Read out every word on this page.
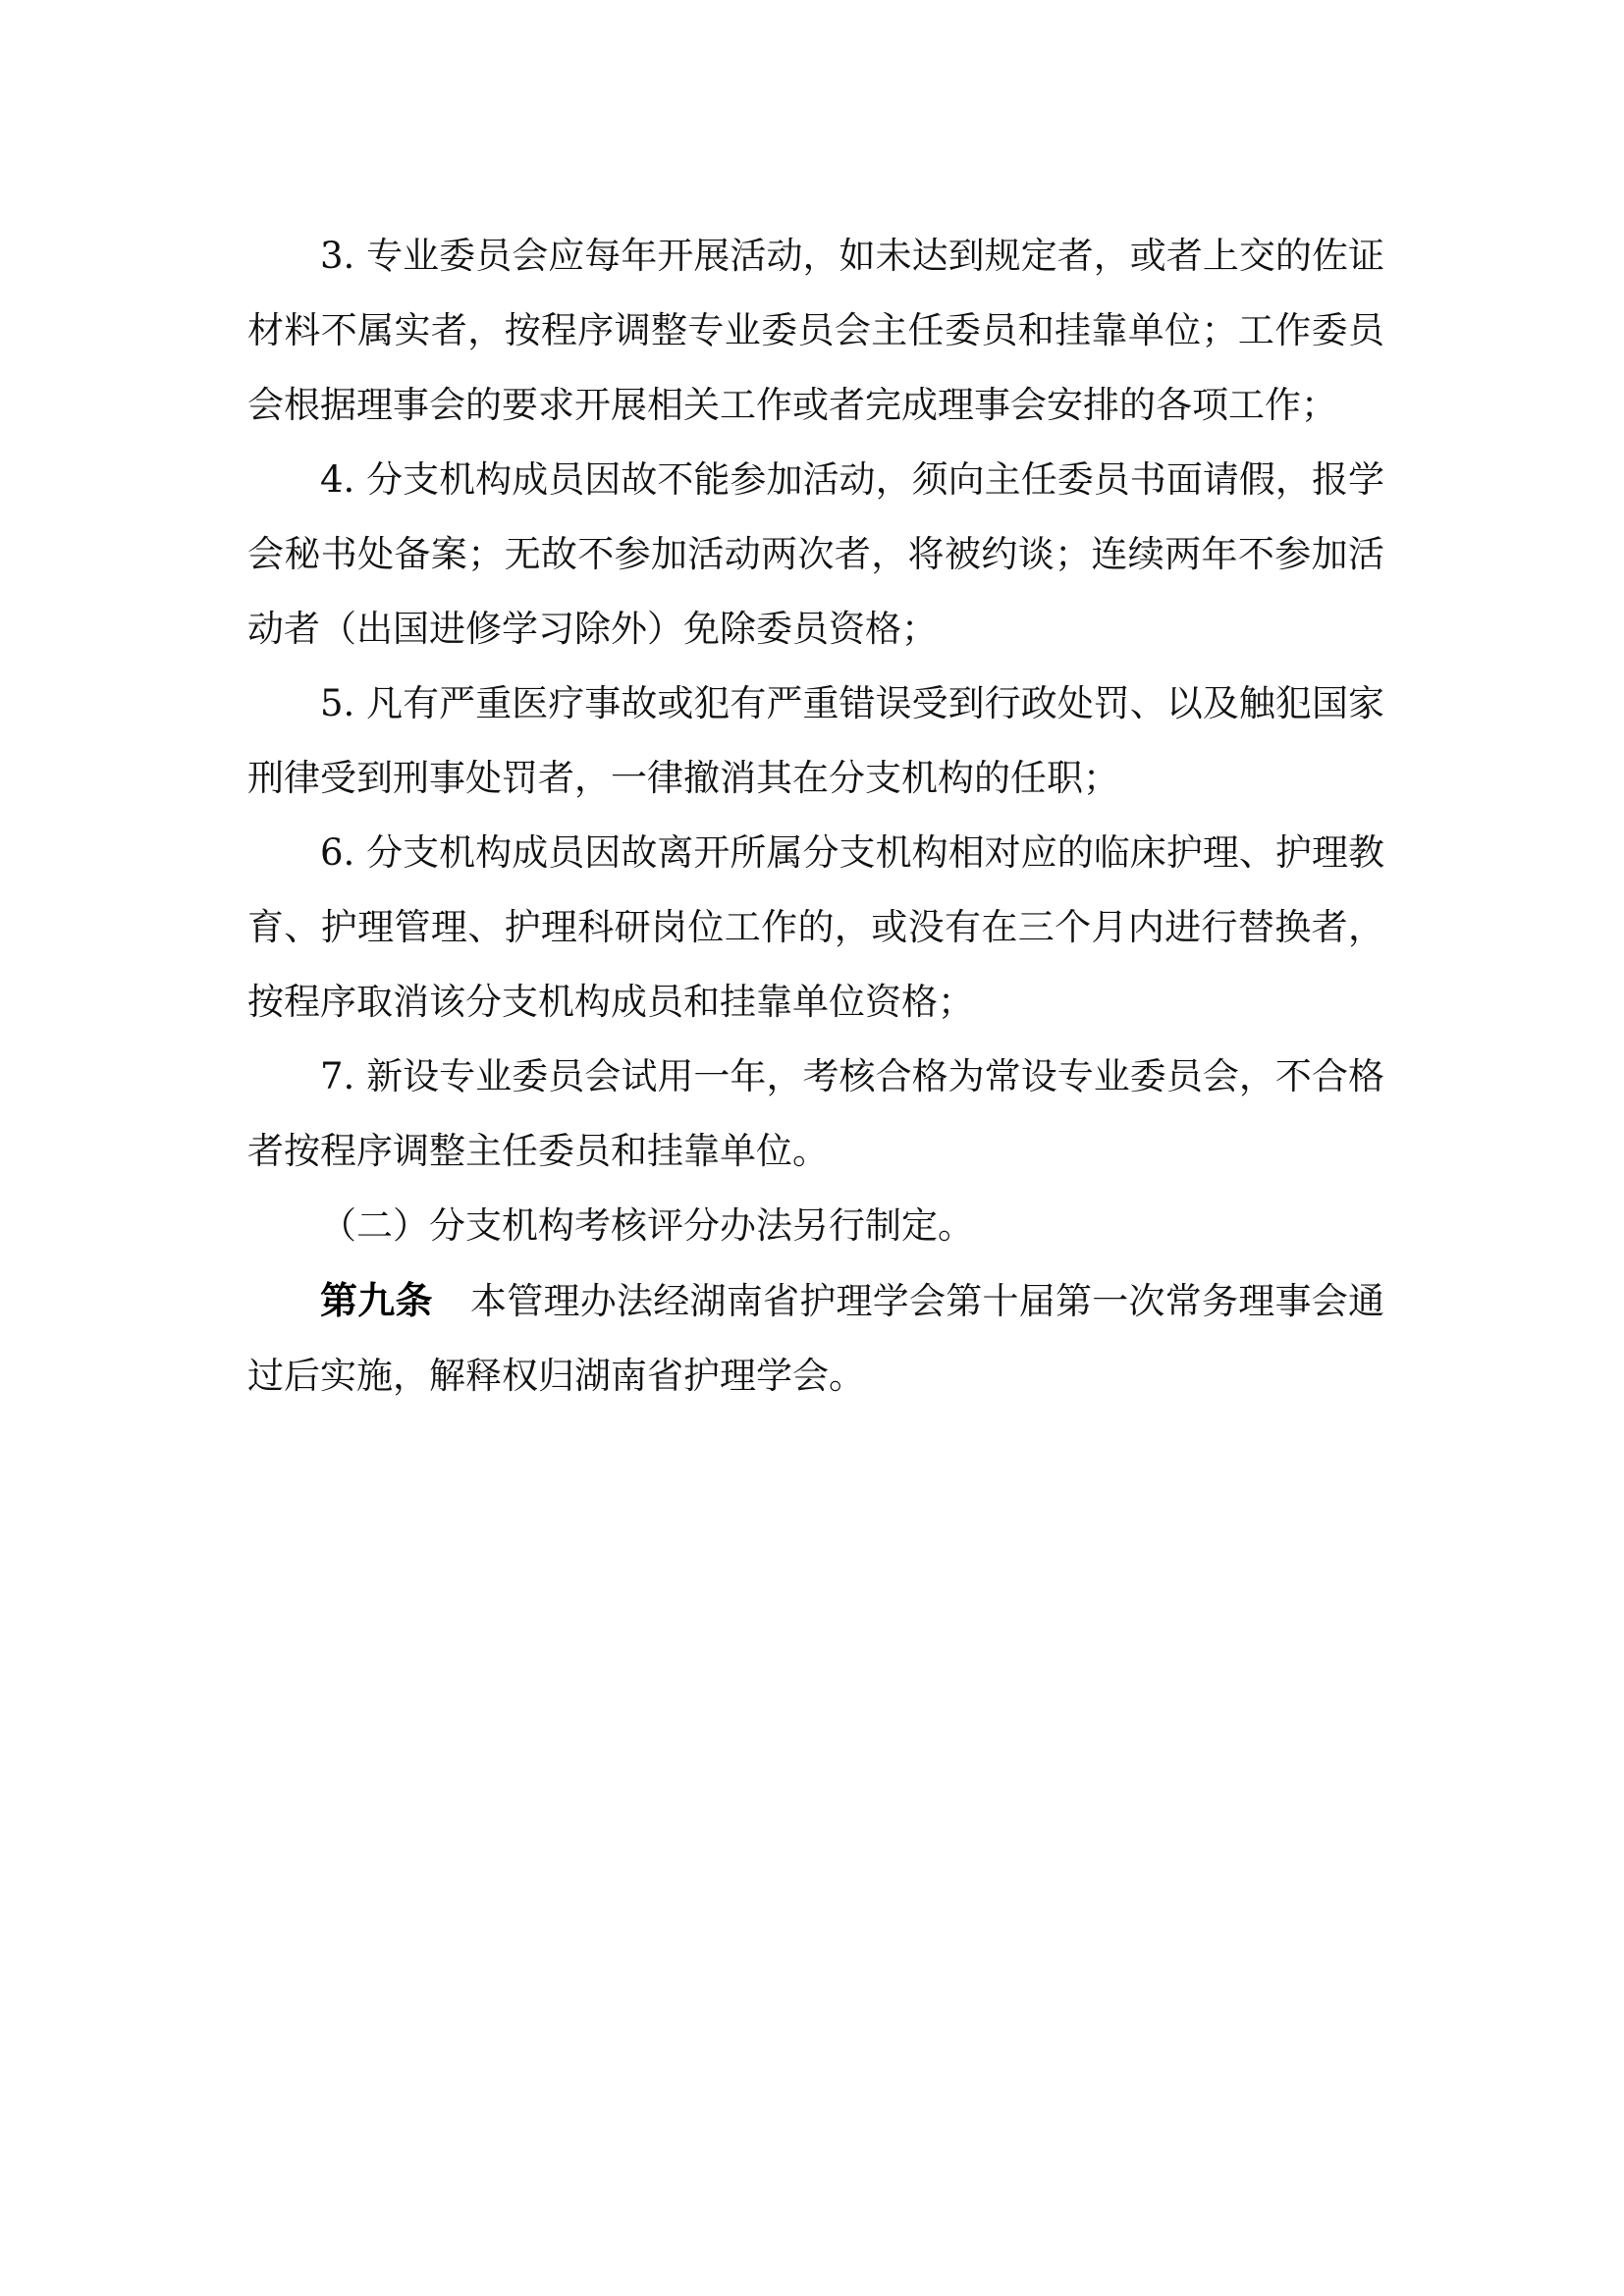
3. 专业委员会应每年开展活动，如未达到规定者，或者上交的佐证材料不属实者，按程序调整专业委员会主任委员和挂靠单位；工作委员会根据理事会的要求开展相关工作或者完成理事会安排的各项工作；

4. 分支机构成员因故不能参加活动，须向主任委员书面请假，报学会秘书处备案；无故不参加活动两次者，将被约谈；连续两年不参加活动者（出国进修学习除外）免除委员资格；

5. 凡有严重医疗事故或犯有严重错误受到行政处罚、以及触犯国家刑律受到刑事处罚者，一律撤消其在分支机构的任职；

6. 分支机构成员因故离开所属分支机构相对应的临床护理、护理教育、护理管理、护理科研岗位工作的，或没有在三个月内进行替换者，按程序取消该分支机构成员和挂靠单位资格；

7. 新设专业委员会试用一年，考核合格为常设专业委员会，不合格者按程序调整主任委员和挂靠单位。

（二）分支机构考核评分办法另行制定。

第九条 本管理办法经湖南省护理学会第十届第一次常务理事会通过后实施，解释权归湖南省护理学会。
